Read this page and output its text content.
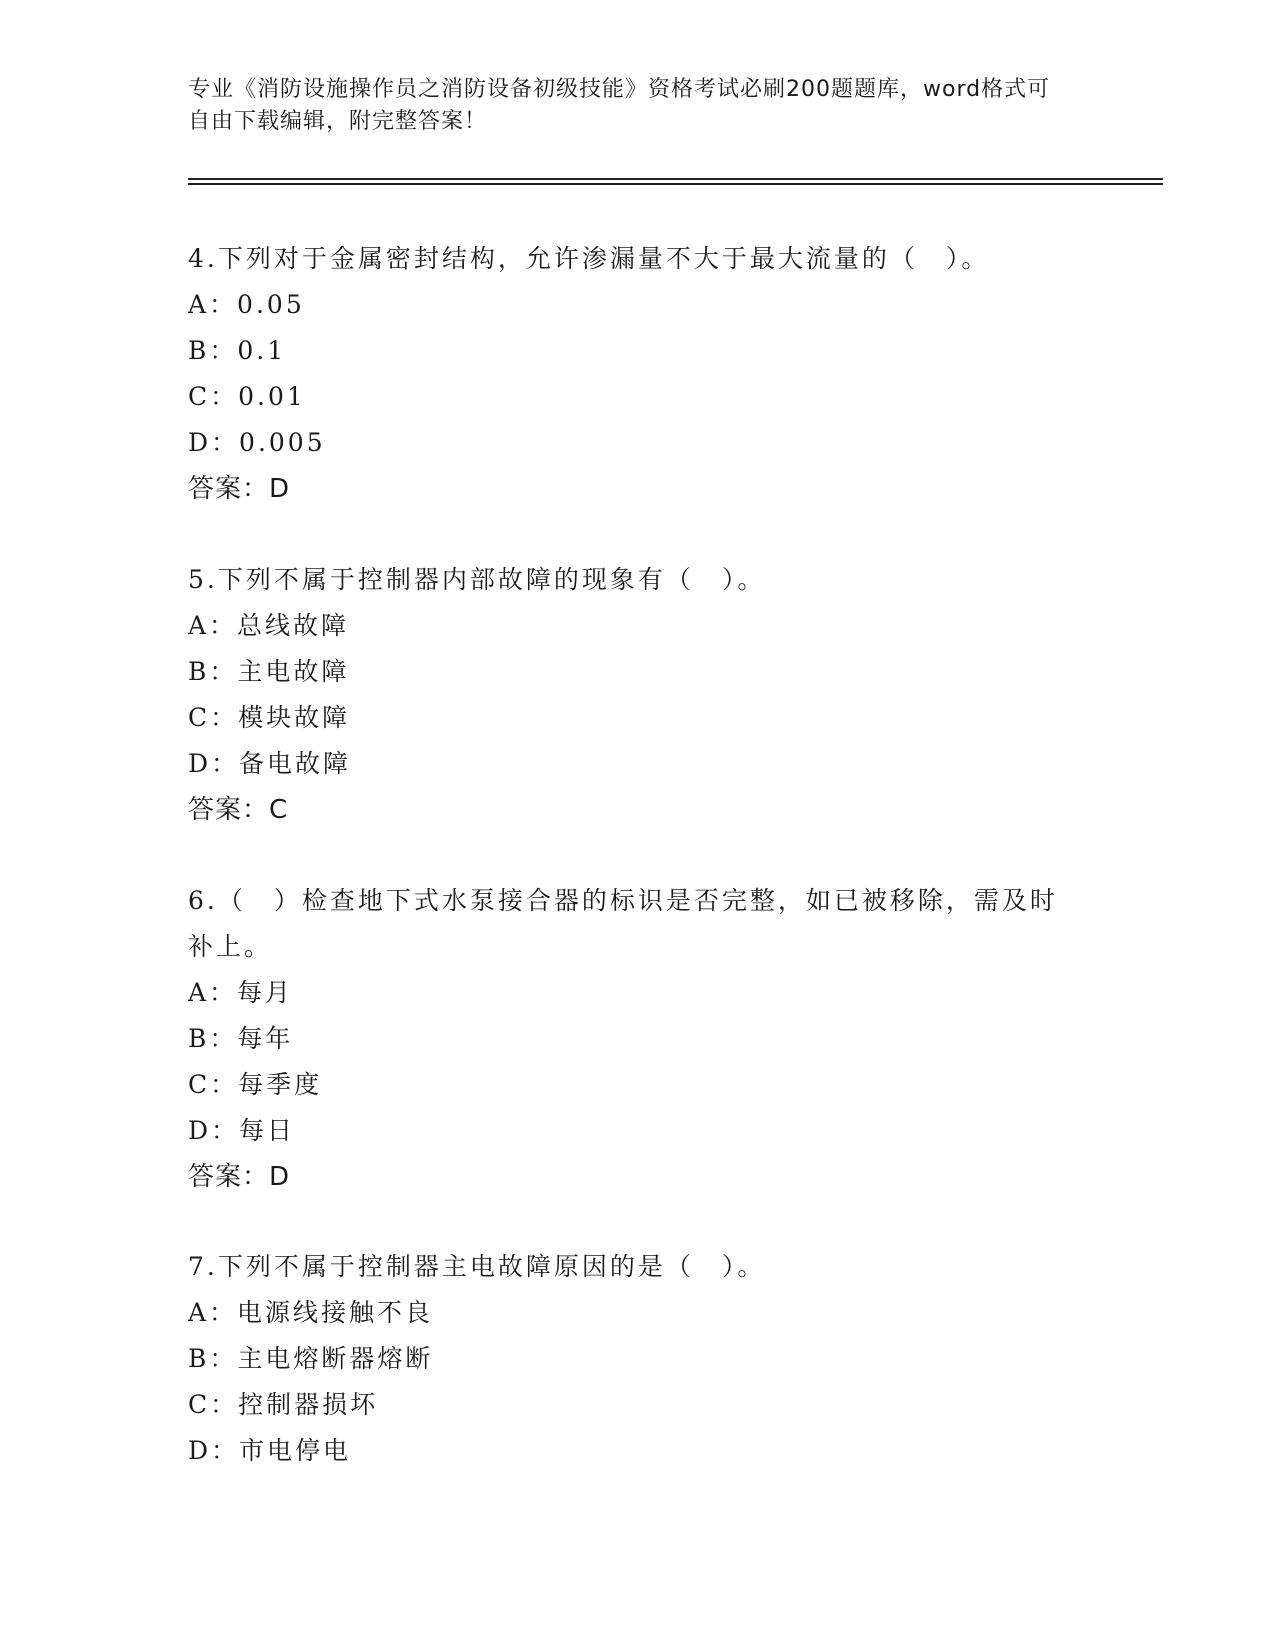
专业《消防设施操作员之消防设备初级技能》资格考试必刷200题题库，word格式可自由下载编辑，附完整答案！
4.下列对于金属密封结构，允许渗漏量不大于最大流量的（　）。
A：0.05
B：0.1
C：0.01
D：0.005
答案：D
5.下列不属于控制器内部故障的现象有（　）。
A：总线故障
B：主电故障
C：模块故障
D：备电故障
答案：C
6.（　）检查地下式水泵接合器的标识是否完整，如已被移除，需及时补上。
A：每月
B：每年
C：每季度
D：每日
答案：D
7.下列不属于控制器主电故障原因的是（　）。
A：电源线接触不良
B：主电熔断器熔断
C：控制器损坏
D：市电停电
